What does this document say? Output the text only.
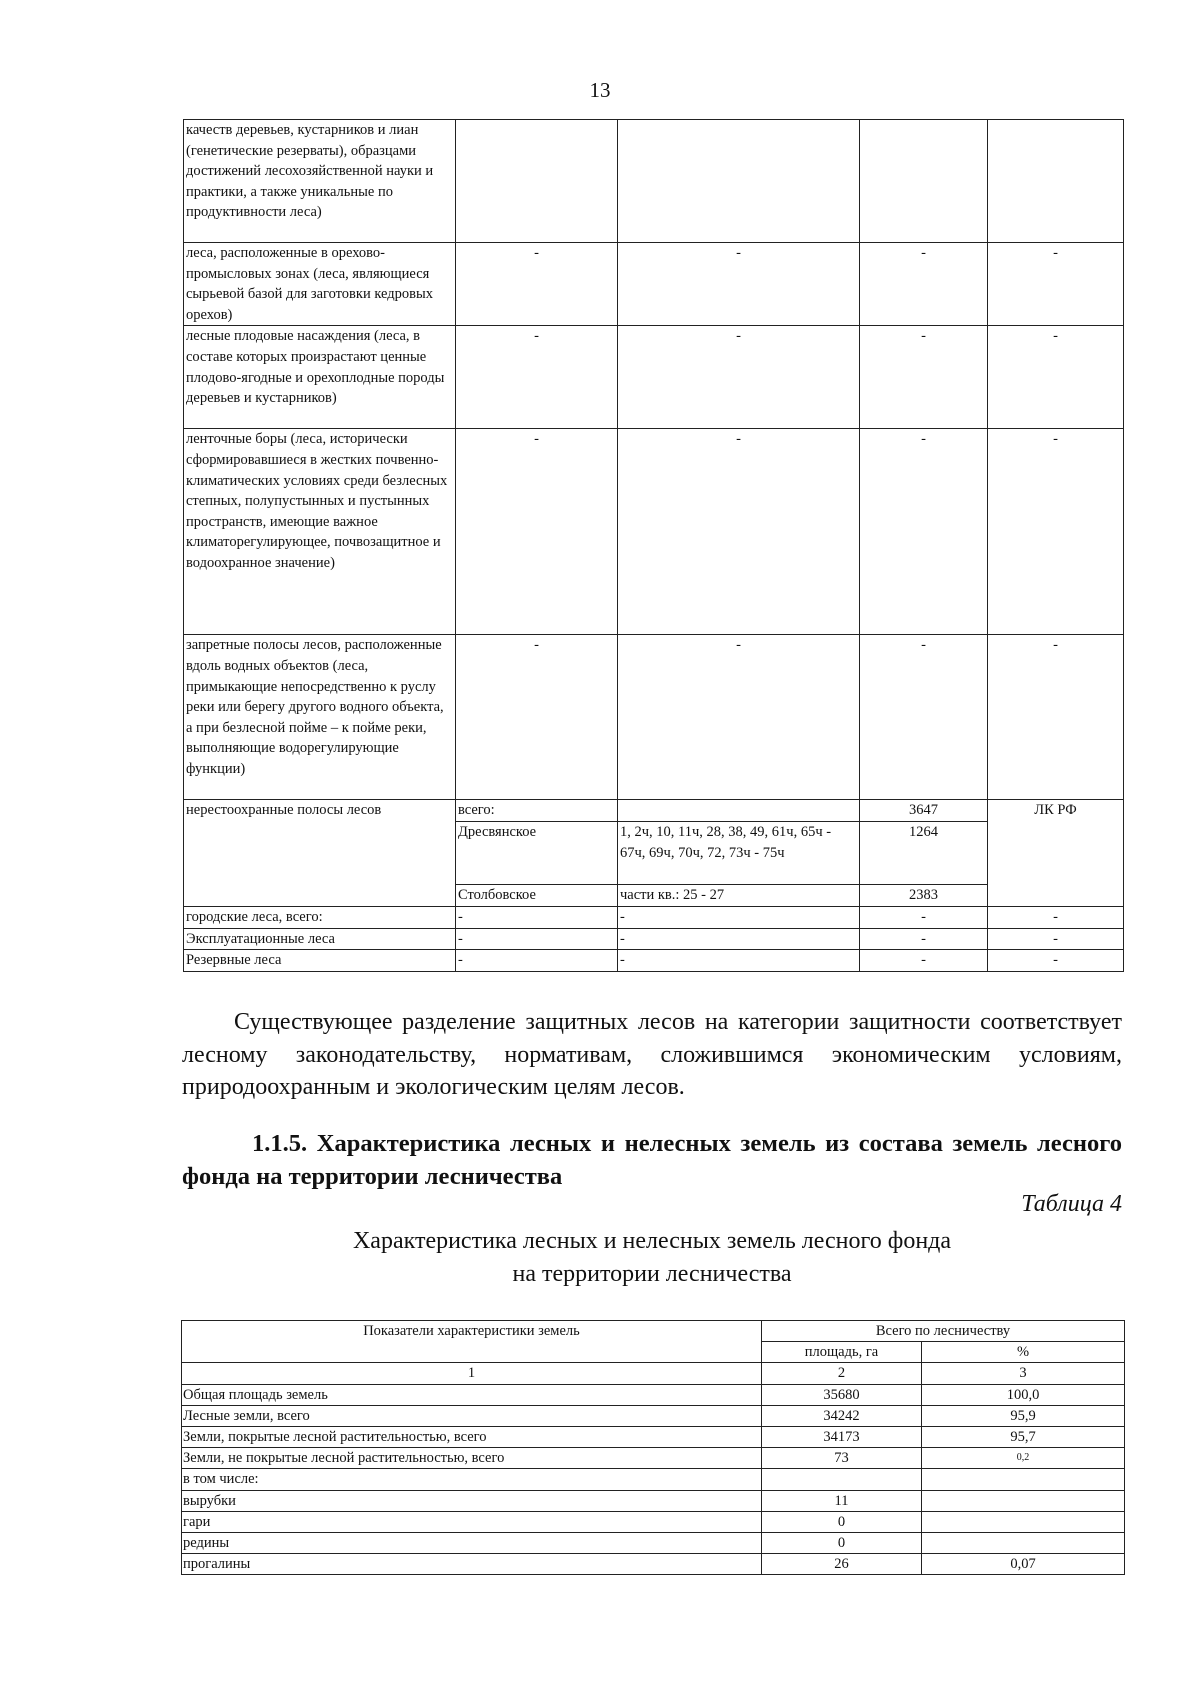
13
качеств деревьев, кустарников и лиан (генетические резерваты), образцами достижений лесохозяйственной науки и практики, а также уникальные по продуктивности леса)				
леса, расположенные в орехово-промысловых зонах (леса, являющиеся сырьевой базой для заготовки кедровых орехов)	-	-	-	-
лесные плодовые насаждения (леса, в составе которых произрастают ценные плодово-ягодные и орехоплодные породы деревьев и кустарников)	-	-	-	-
ленточные боры (леса, исторически сформировавшиеся в жестких почвенно-климатических условиях среди безлесных степных, полупустынных и пустынных пространств, имеющие важное климаторегулирующее, почвозащитное и водоохранное значение)	-	-	-	-
запретные полосы лесов, расположенные вдоль водных объектов (леса, примыкающие непосредственно к руслу реки или берегу другого водного объекта, а при безлесной пойме – к пойме реки, выполняющие водорегулирующие функции)	-	-	-	-
нерестоохранные полосы лесов	всего:		3647	ЛК РФ
	Дресвянское	1, 2ч, 10, 11ч, 28, 38, 49, 61ч, 65ч - 67ч, 69ч, 70ч, 72, 73ч - 75ч	1264	
	Столбовское	части кв.: 25 - 27	2383	
городские леса, всего:	-	-	-	-
Эксплуатационные леса	-	-	-	-
Резервные леса	-	-	-	-

Существующее разделение защитных лесов на категории защитности соответствует лесному законодательству, нормативам, сложившимся экономическим условиям, природоохранным и экологическим целям лесов.

1.1.5. Характеристика лесных и нелесных земель из состава земель лесного фонда на территории лесничества

Таблица 4
Характеристика лесных и нелесных земель лесного фонда
на территории лесничества
Показатели характеристики земель	Всего по лесничеству	
	площадь, га	%
1	2	3
Общая площадь земель	35680	100,0
Лесные земли, всего	34242	95,9
Земли, покрытые лесной растительностью, всего	34173	95,7
Земли, не покрытые лесной растительностью, всего	73	0,2
в том числе:		
вырубки	11	
гари	0	
редины	0	
прогалины	26	0,07
